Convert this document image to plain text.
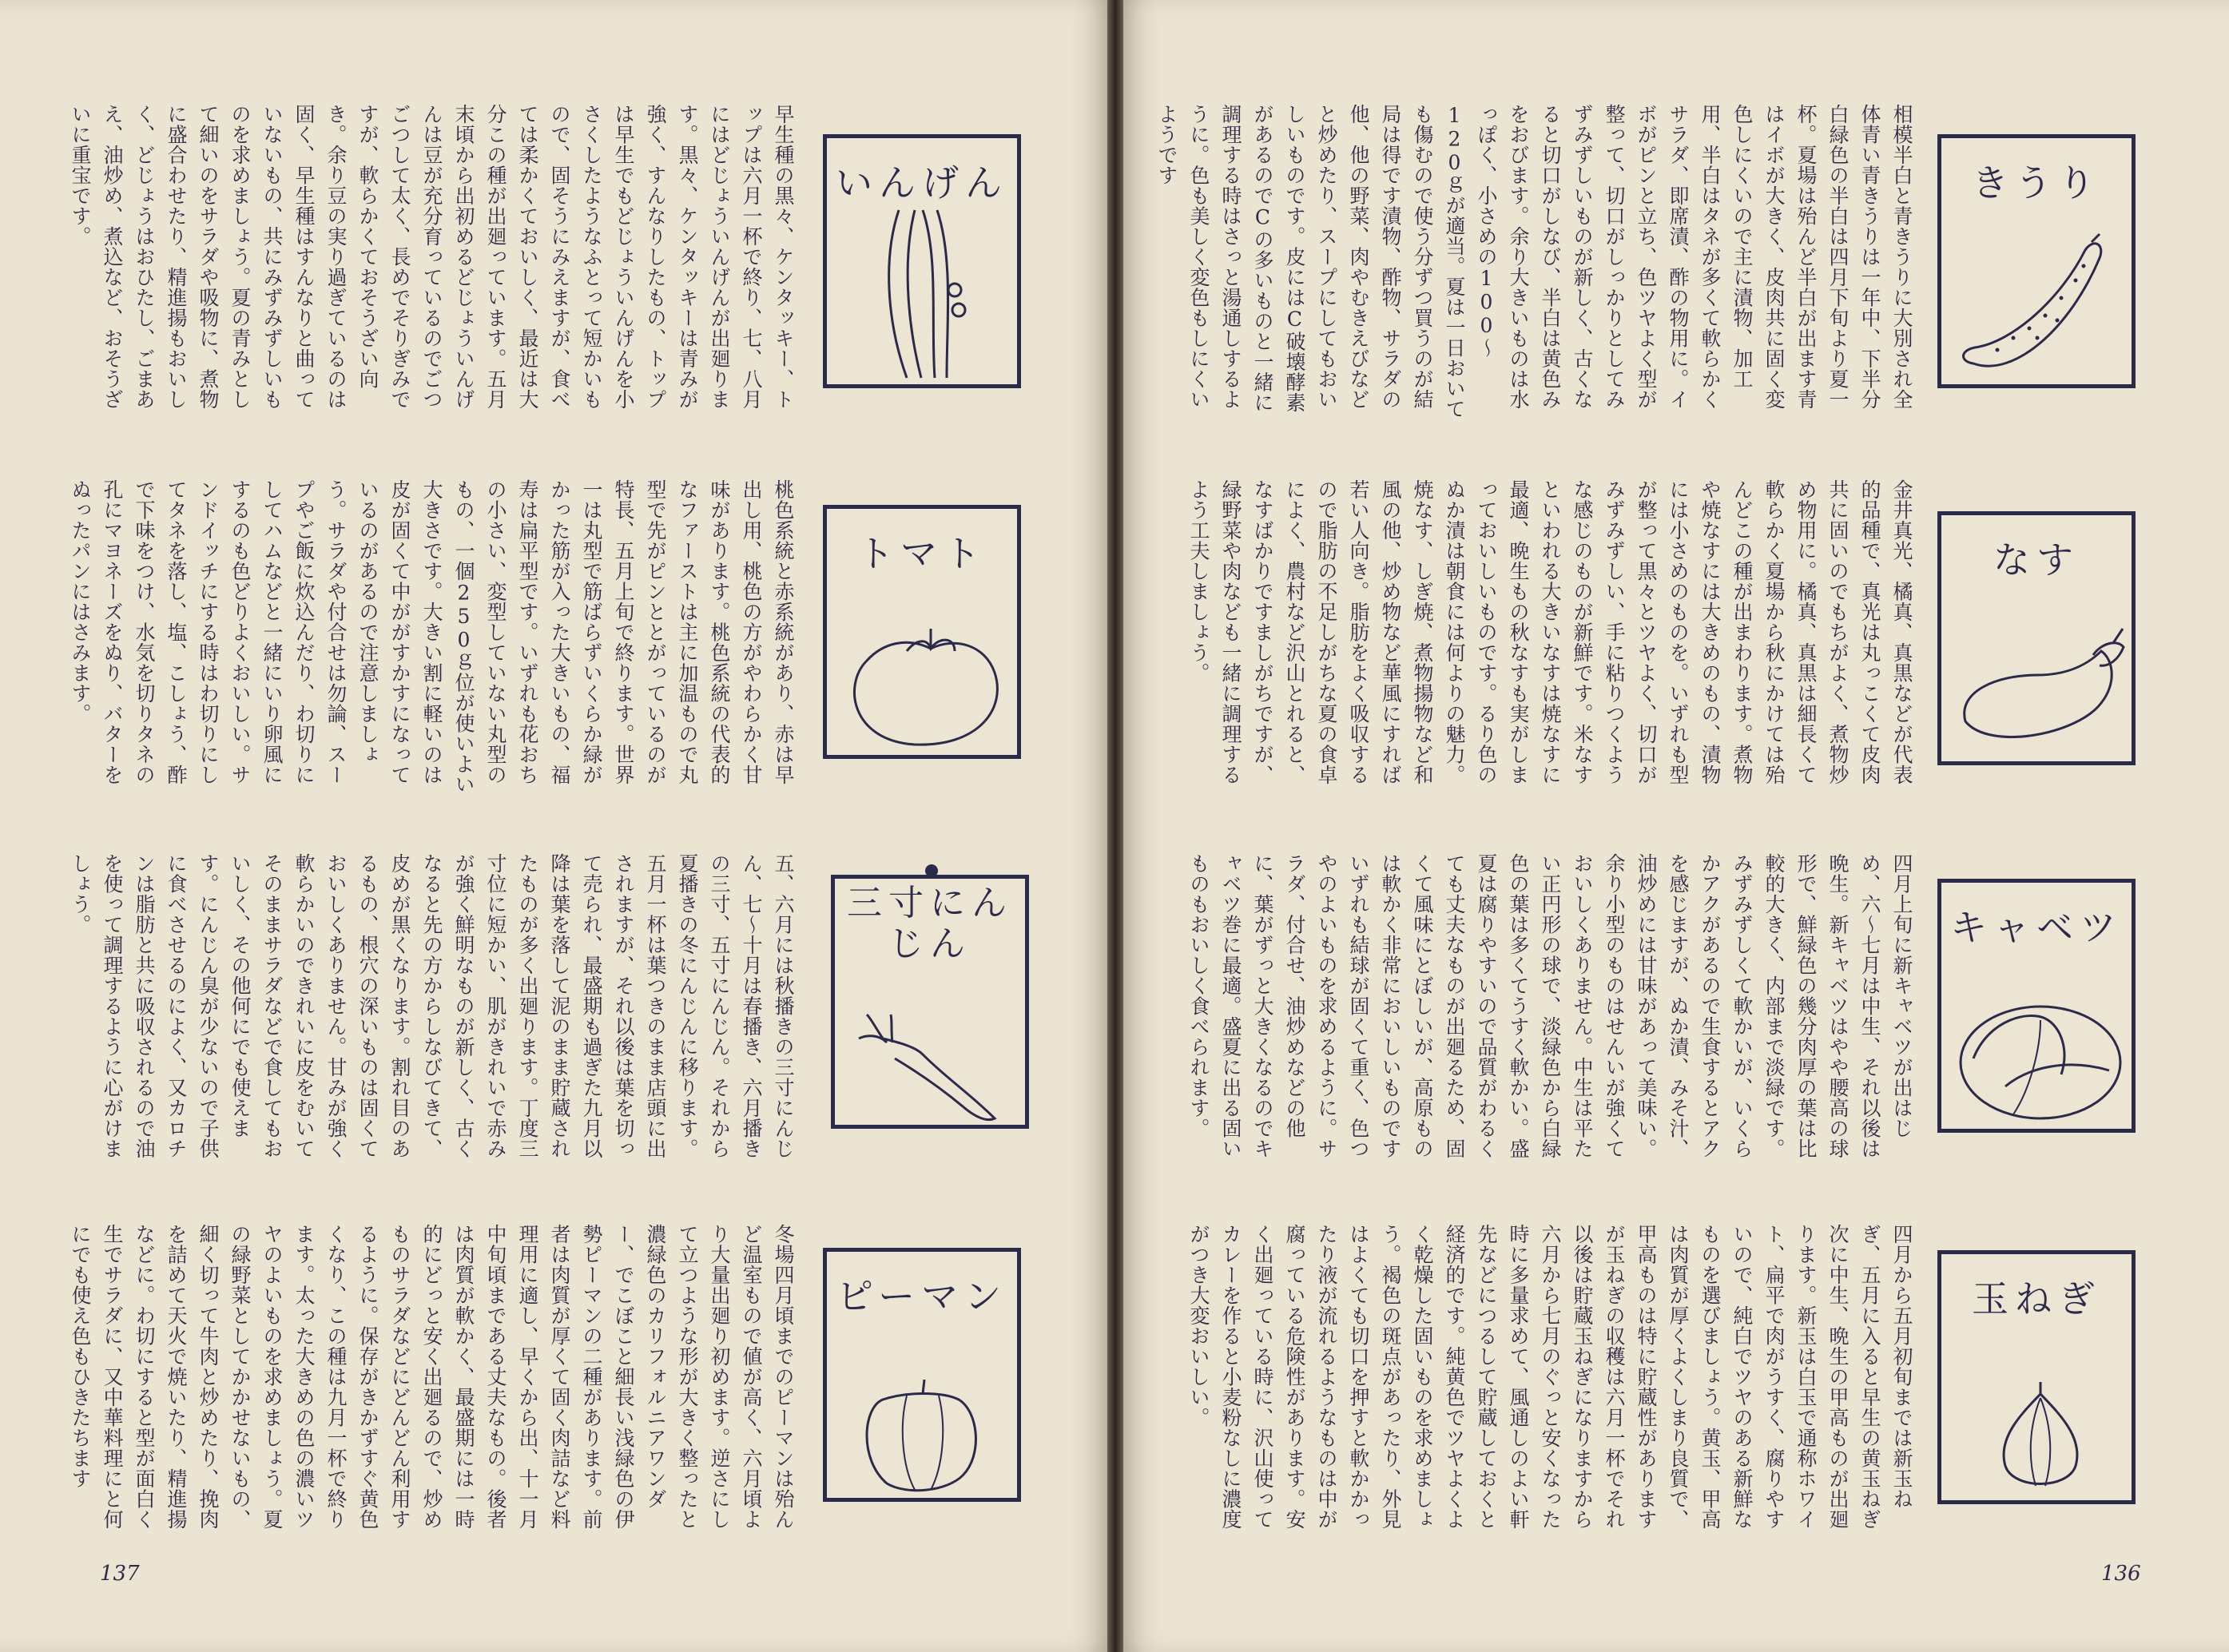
きうり
相模半白と青きうりに大別され全体青い青きうりは一年中、下半分白緑色の半白は四月下旬より夏一杯。夏場は殆んど半白が出ます青はイボが大きく、皮肉共に固く変色しにくいので主に漬物、加工用、半白はタネが多くて軟らかくサラダ、即席漬、酢の物用に。イボがピンと立ち、色ツヤよく型が整って、切口がしっかりとしてみずみずしいものが新しく、古くなると切口がしなび、半白は黄色みをおびます。余り大きいものは水っぽく、小さめの100～120ｇが適当。夏は一日おいても傷むので使う分ずつ買うのが結局は得です漬物、酢物、サラダの他、他の野菜、肉やむきえびなどと炒めたり、スープにしてもおいしいものです。皮にはC破壊酵素があるのでCの多いものと一緒に調理する時はさっと湯通しするように。色も美しく変色もしにくいようです
なす
金井真光、橘真、真黒などが代表的品種で、真光は丸っこくて皮肉共に固いのでもちがよく、煮物炒め物用に。橘真、真黒は細長くて軟らかく夏場から秋にかけては殆んどこの種が出まわります。煮物や焼なすには大きめのもの、漬物には小さめのものを。いずれも型が整って黒々とツヤよく、切口がみずみずしい、手に粘りつくような感じのものが新鮮です。米なすといわれる大きいなすは焼なすに最適、晩生もの秋なすも実がしまっておいしいものです。るり色のぬか漬は朝食には何よりの魅力。焼なす、しぎ焼、煮物揚物など和風の他、炒め物など華風にすれば若い人向き。脂肪をよく吸収するので脂肪の不足しがちな夏の食卓によく、農村など沢山とれると、なすばかりですましがちですが、緑野菜や肉なども一緒に調理するよう工夫しましょう。
キャベツ
四月上旬に新キャベツが出はじめ、六～七月は中生、それ以後は晩生。新キャベツはやや腰高の球形で、鮮緑色の幾分肉厚の葉は比較的大きく、内部まで淡緑です。みずみずしくて軟かいが、いくらかアクがあるので生食するとアクを感じますが、ぬか漬、みそ汁、油炒めには甘味があって美味い。余り小型のものはせんいが強くておいしくありません。中生は平たい正円形の球で、淡緑色から白緑色の葉は多くてうすく軟かい。盛夏は腐りやすいので品質がわるくても丈夫なものが出廻るため、固くて風味にとぼしいが、高原ものは軟かく非常においしいものですいずれも結球が固くて重く、色つやのよいものを求めるように。サラダ、付合せ、油炒めなどの他に、葉がずっと大きくなるのでキャベツ巻に最適。盛夏に出る固いものもおいしく食べられます。
玉ねぎ
四月から五月初旬までは新玉ねぎ、五月に入ると早生の黄玉ねぎ次に中生、晩生の甲高ものが出廻ります。新玉は白玉で通称ホワイト、扁平で肉がうすく、腐りやすいので、純白でツヤのある新鮮なものを選びましょう。黄玉、甲高は肉質が厚くよくしまり良質で、甲高ものは特に貯蔵性がありますが玉ねぎの収穫は六月一杯でそれ以後は貯蔵玉ねぎになりますから六月から七月のぐっと安くなった時に多量求めて、風通しのよい軒先などにつるして貯蔵しておくと経済的です。純黄色でツヤよくよく乾燥した固いものを求めましょう。褐色の斑点があったり、外見はよくても切口を押すと軟かかったり液が流れるようなものは中が腐っている危険性があります。安く出廻っている時に、沢山使ってカレーを作ると小麦粉なしに濃度がつき大変おいしい。
136
いんげん
早生種の黒々、ケンタッキー、トップは六月一杯で終り、七、八月にはどじょういんげんが出廻ります。黒々、ケンタッキーは青みが強く、すんなりしたもの、トップは早生でもどじょういんげんを小さくしたようなふとって短かいもので、固そうにみえますが、食べては柔かくておいしく、最近は大分この種が出廻っています。五月末頃から出初めるどじょういんげんは豆が充分育っているのでごつごつして太く、長めでそりぎみですが、軟らかくておそうざい向き。余り豆の実り過ぎているのは固く、早生種はすんなりと曲っていないもの、共にみずみずしいものを求めましょう。夏の青みとして細いのをサラダや吸物に、煮物に盛合わせたり、精進揚もおいしく、どじょうはおひたし、ごまあえ、油炒め、煮込など、おそうざいに重宝です。
トマト
桃色系統と赤系統があり、赤は早出し用、桃色の方がやわらかく甘味があります。桃色系統の代表的なファーストは主に加温もので丸型で先がピンととがっているのが特長、五月上旬で終ります。世界一は丸型で筋ばらずいくらか緑がかった筋が入った大きいもの、福寿は扁平型です。いずれも花おちの小さい、変型していない丸型のもの、一個250ｇ位が使いよい大きさです。大きい割に軽いのは皮が固くて中ががすかすになっているのがあるので注意しましょう。サラダや付合せは勿論、スープやご飯に炊込んだり、わ切りにしてハムなどと一緒にいり卵風にするのも色どりよくおいしい。サンドイッチにする時はわ切りにしてタネを落し、塩、こしょう、酢で下味をつけ、水気を切りタネの孔にマヨネーズをぬり、バターをぬったパンにはさみます。
三寸にんじん
五、六月には秋播きの三寸にんじん、七～十月は春播き、六月播きの三寸、五寸にんじん。それから夏播きの冬にんじんに移ります。五月一杯は葉つきのまま店頭に出されますが、それ以後は葉を切って売られ、最盛期も過ぎた九月以降は葉を落して泥のまま貯蔵されたものが多く出廻ります。丁度三寸位に短かい、肌がきれいで赤みが強く鮮明なものが新しく、古くなると先の方からしなびてきて、皮めが黒くなります。割れ目のあるもの、根穴の深いものは固くておいしくありません。甘みが強く軟らかいのできれいに皮をむいてそのままサラダなどで食してもおいしく、その他何にでも使えます。にんじん臭が少ないので子供に食べさせるのによく、又カロチンは脂肪と共に吸収されるので油を使って調理するように心がけましょう。
ピーマン
冬場四月頃までのピーマンは殆んど温室もので値が高く、六月頃より大量出廻り初めます。逆さにして立つような形が大きく整ったと濃緑色のカリフォルニアワンダー、でこぼこと細長い浅緑色の伊勢ピーマンの二種があります。前者は肉質が厚くて固く肉詰など料理用に適し、早くから出、十一月中旬頃まである丈夫なもの。後者は肉質が軟かく、最盛期には一時的にどっと安く出廻るので、炒めものサラダなどにどんどん利用するように。保存がきかずすぐ黄色くなり、この種は九月一杯で終ります。太った大きめの色の濃いツヤのよいものを求めましょう。夏の緑野菜としてかかせないもの、細く切って牛肉と炒めたり、挽肉を詰めて天火で焼いたり、精進揚などに。わ切にすると型が面白く生でサラダに、又中華料理にと何にでも使え色もひきたちます
137
